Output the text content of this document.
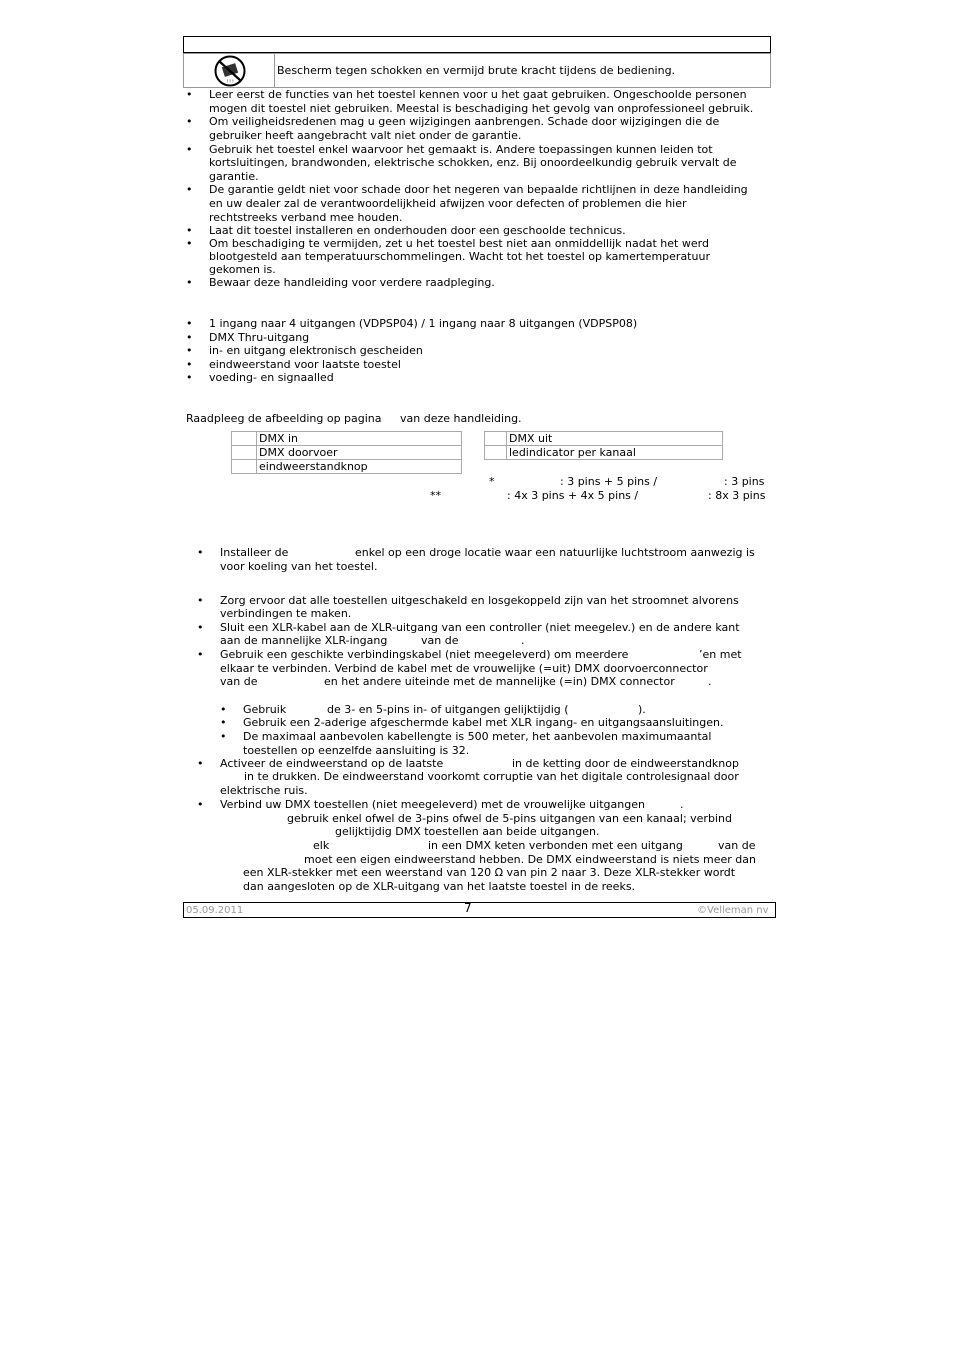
! ! !
Bescherm tegen schokken en vermijd brute kracht tijdens de bediening.
• Leer eerst de functies van het toestel kennen voor u het gaat gebruiken. Ongeschoolde personen
mogen dit toestel niet gebruiken. Meestal is beschadiging het gevolg van onprofessioneel gebruik.
• Om veiligheidsredenen mag u geen wijzigingen aanbrengen. Schade door wijzigingen die de
gebruiker heeft aangebracht valt niet onder de garantie.
• Gebruik het toestel enkel waarvoor het gemaakt is. Andere toepassingen kunnen leiden tot
kortsluitingen, brandwonden, elektrische schokken, enz. Bij onoordeelkundig gebruik vervalt de
garantie.
• De garantie geldt niet voor schade door het negeren van bepaalde richtlijnen in deze handleiding
en uw dealer zal de verantwoordelijkheid afwijzen voor defecten of problemen die hier
rechtstreeks verband mee houden.
• Laat dit toestel installeren en onderhouden door een geschoolde technicus.
• Om beschadiging te vermijden, zet u het toestel best niet aan onmiddellijk nadat het werd
blootgesteld aan temperatuurschommelingen. Wacht tot het toestel op kamertemperatuur
gekomen is.
• Bewaar deze handleiding voor verdere raadpleging.
• 1 ingang naar 4 uitgangen (VDPSP04) / 1 ingang naar 8 uitgangen (VDPSP08)
• DMX Thru-uitgang
• in- en uitgang elektronisch gescheiden
• eindweerstand voor laatste toestel
• voeding- en signaalled
Raadpleeg de afbeelding op pagina van deze handleiding.
DMX in
DMX doorvoer
eindweerstandknop
DMX uit
ledindicator per kanaal
*	: 3 pins + 5 pins /	: 3 pins
**	: 4x 3 pins + 4x 5 pins /	: 8x 3 pins
• Installeer de	enkel op een droge locatie waar een natuurlijke luchtstroom aanwezig is
voor koeling van het toestel.
• Zorg ervoor dat alle toestellen uitgeschakeld en losgekoppeld zijn van het stroomnet alvorens
verbindingen te maken.
• Sluit een XLR-kabel aan de XLR-uitgang van een controller (niet meegelev.) en de andere kant
aan de mannelijke XLR-ingang	van de	.
• Gebruik een geschikte verbindingskabel (niet meegeleverd) om meerdere	’en met
elkaar te verbinden. Verbind de kabel met de vrouwelijke (=uit) DMX doorvoerconnector
van de	en het andere uiteinde met de mannelijke (=in) DMX connector	.
• Gebruik	de 3- en 5-pins in- of uitgangen gelijktijdig (	).
• Gebruik een 2-aderige afgeschermde kabel met XLR ingang- en uitgangsaansluitingen.
• De maximaal aanbevolen kabellengte is 500 meter, het aanbevolen maximumaantal
toestellen op eenzelfde aansluiting is 32.
• Activeer de eindweerstand op de laatste	in de ketting door de eindweerstandknop
in te drukken. De eindweerstand voorkomt corruptie van het digitale controlesignaal door
elektrische ruis.
• Verbind uw DMX toestellen (niet meegeleverd) met de vrouwelijke uitgangen	.
gebruik enkel ofwel de 3-pins ofwel de 5-pins uitgangen van een kanaal; verbind
gelijktijdig DMX toestellen aan beide uitgangen.
elk	in een DMX keten verbonden met een uitgang	van de
moet een eigen eindweerstand hebben. De DMX eindweerstand is niets meer dan
een XLR-stekker met een weerstand van 120 Ω van pin 2 naar 3. Deze XLR-stekker wordt
dan aangesloten op de XLR-uitgang van het laatste toestel in de reeks.
05.09.2011	7	©Velleman nv
